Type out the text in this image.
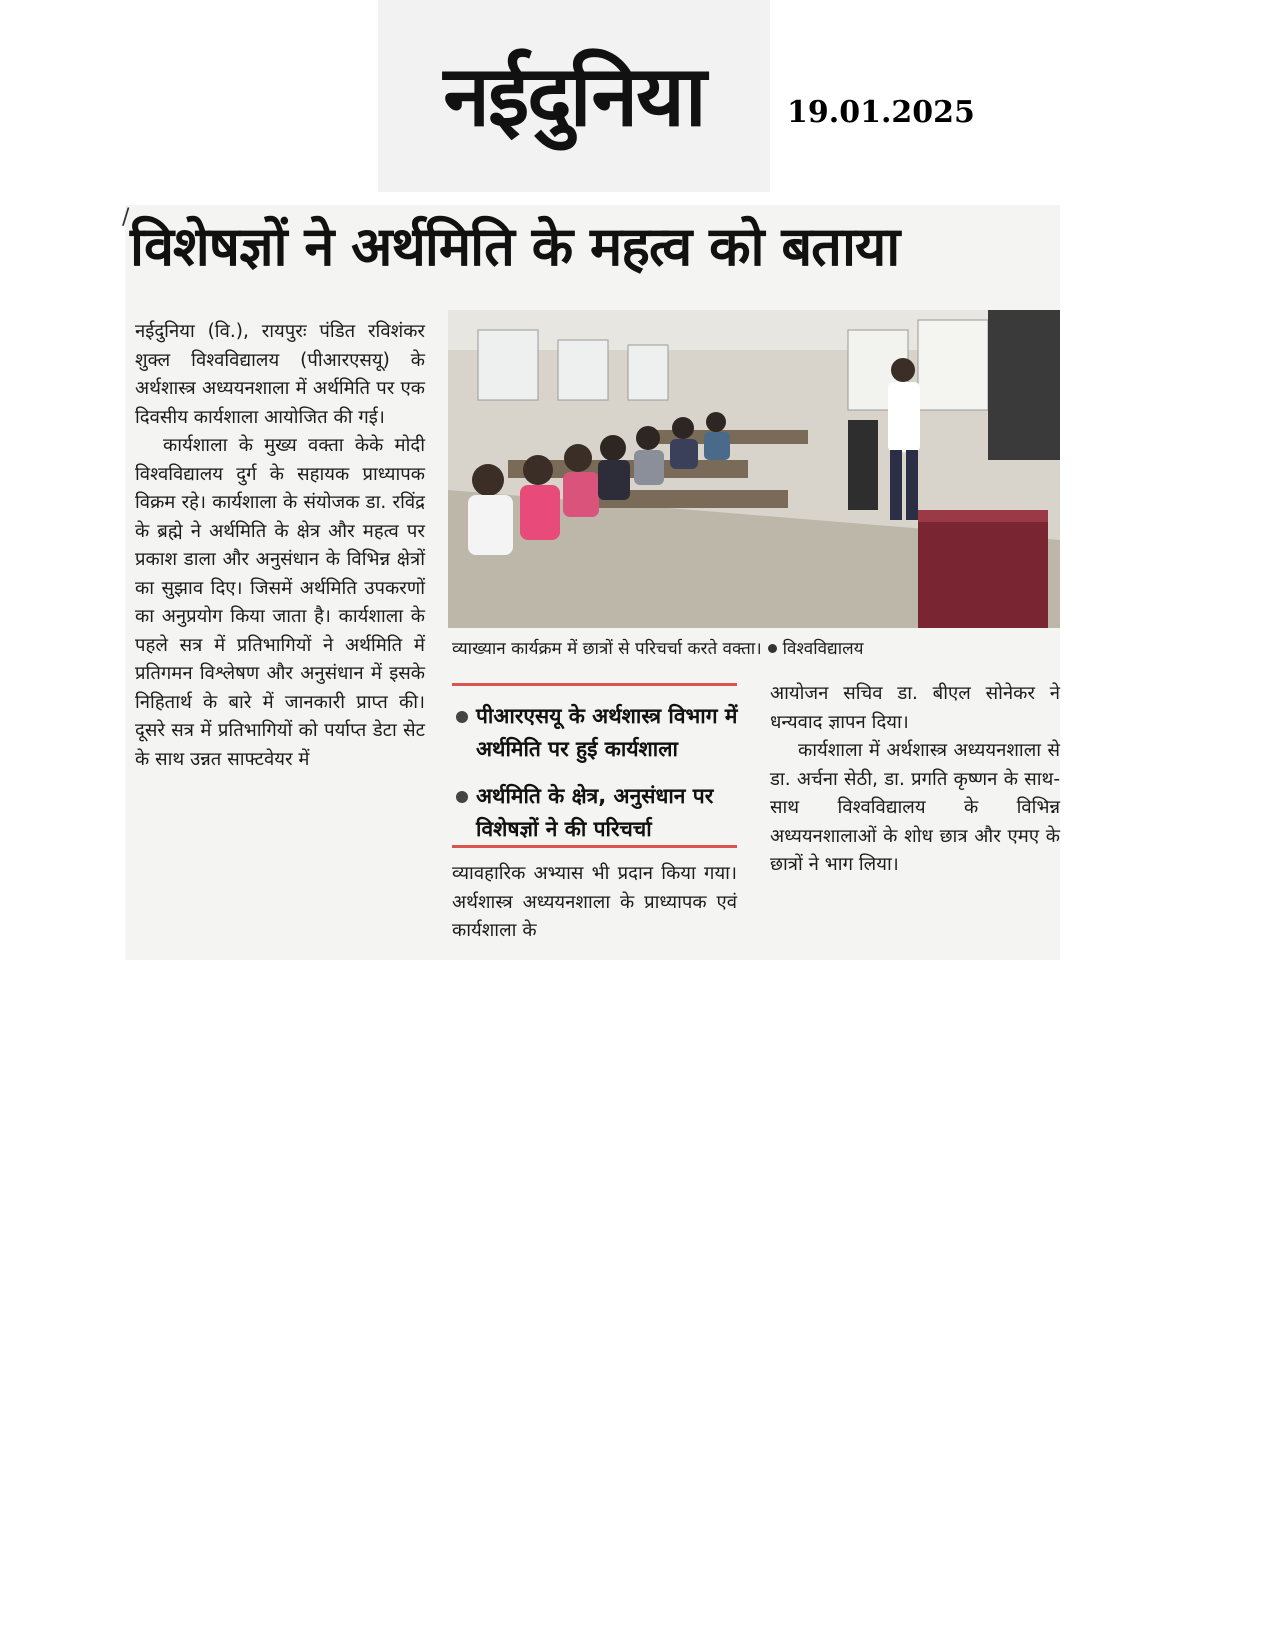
नईदुनिया	19.01.2025
/ विशेषज्ञों ने अर्थमिति के महत्व को बताया

नईदुनिया (वि.), रायपुरः पंडित रविशंकर शुक्ल विश्वविद्यालय (पीआरएसयू) के अर्थशास्त्र अध्ययनशाला में अर्थमिति पर एक दिवसीय कार्यशाला आयोजित की गई।

कार्यशाला के मुख्य वक्ता केके मोदी विश्वविद्यालय दुर्ग के सहायक प्राध्यापक विक्रम रहे। कार्यशाला के संयोजक डा. रविंद्र के ब्रह्मे ने अर्थमिति के क्षेत्र और महत्व पर प्रकाश डाला और अनुसंधान के विभिन्न क्षेत्रों का सुझाव दिए। जिसमें अर्थमिति उपकरणों का अनुप्रयोग किया जाता है। कार्यशाला के पहले सत्र में प्रतिभागियों ने अर्थमिति में प्रतिगमन विश्लेषण और अनुसंधान में इसके निहितार्थ के बारे में जानकारी प्राप्त की। दूसरे सत्र में प्रतिभागियों को पर्याप्त डेटा सेट के साथ उन्नत साफ्टवेयर में

व्याख्यान कार्यक्रम में छात्रों से परिचर्चा करते वक्ता। विश्वविद्यालय
पीआरएसयू के अर्थशास्त्र विभाग में अर्थमिति पर हुई कार्यशाला
अर्थमिति के क्षेत्र, अनुसंधान पर विशेषज्ञों ने की परिचर्चा

व्यावहारिक अभ्यास भी प्रदान किया गया। अर्थशास्त्र अध्ययनशाला के प्राध्यापक एवं कार्यशाला के

आयोजन सचिव डा. बीएल सोनेकर ने धन्यवाद ज्ञापन दिया।

कार्यशाला में अर्थशास्त्र अध्ययनशाला से डा. अर्चना सेठी, डा. प्रगति कृष्णन के साथ-साथ विश्वविद्यालय के विभिन्न अध्ययनशालाओं के शोध छात्र और एमए के छात्रों ने भाग लिया।
